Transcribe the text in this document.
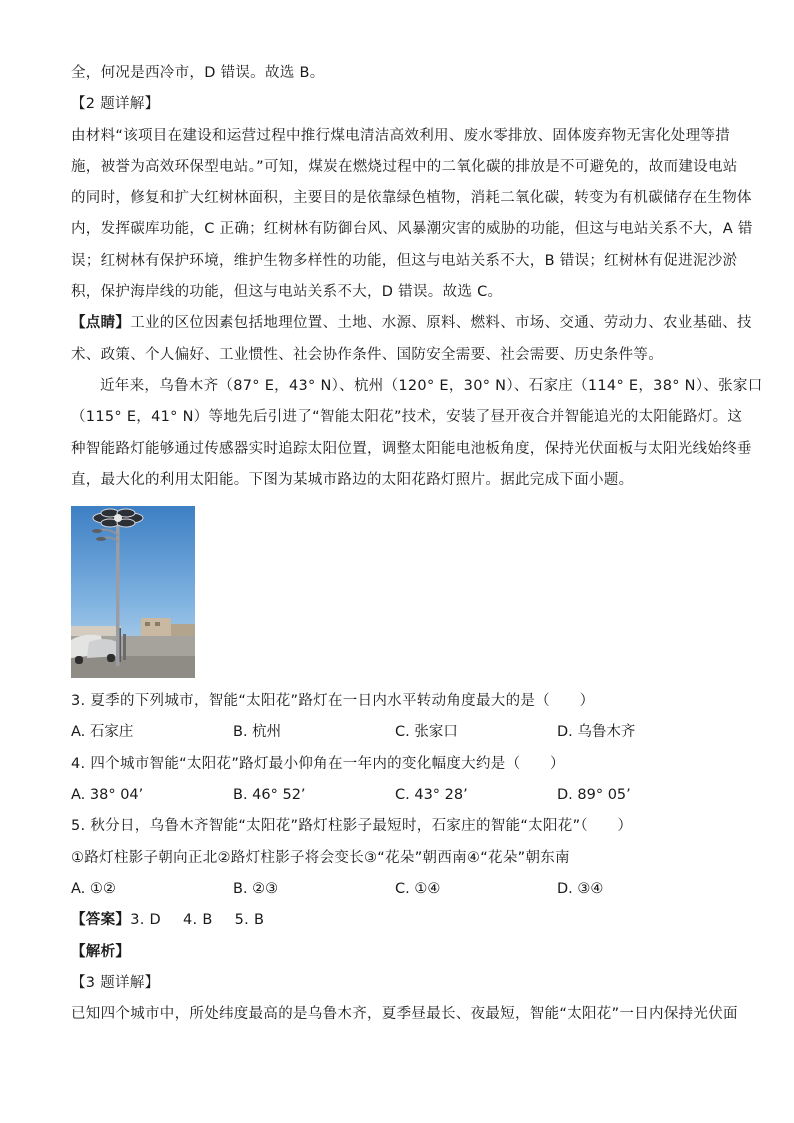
全，何况是西冷市，D 错误。故选 B。
【2 题详解】
由材料“该项目在建设和运营过程中推行煤电清洁高效利用、废水零排放、固体废弃物无害化处理等措
施，被誉为高效环保型电站。”可知，煤炭在燃烧过程中的二氧化碳的排放是不可避免的，故而建设电站
的同时，修复和扩大红树林面积，主要目的是依靠绿色植物，消耗二氧化碳，转变为有机碳储存在生物体
内，发挥碳库功能，C 正确；红树林有防御台风、风暴潮灾害的威胁的功能，但这与电站关系不大，A 错
误；红树林有保护环境，维护生物多样性的功能，但这与电站关系不大，B 错误；红树林有促进泥沙淤
积，保护海岸线的功能，但这与电站关系不大，D 错误。故选 C。
【点睛】工业的区位因素包括地理位置、土地、水源、原料、燃料、市场、交通、劳动力、农业基础、技
术、政策、个人偏好、工业惯性、社会协作条件、国防安全需要、社会需要、历史条件等。
近年来，乌鲁木齐（87° E，43° N）、杭州（120° E，30° N）、石家庄（114° E，38° N）、张家口
（115° E，41° N）等地先后引进了“智能太阳花”技术，安装了昼开夜合并智能追光的太阳能路灯。这
种智能路灯能够通过传感器实时追踪太阳位置，调整太阳能电池板角度，保持光伏面板与太阳光线始终垂
直，最大化的利用太阳能。下图为某城市路边的太阳花路灯照片。据此完成下面小题。
3. 夏季的下列城市，智能“太阳花”路灯在一日内水平转动角度最大的是（　　）
A. 石家庄	B. 杭州	C. 张家口	D. 乌鲁木齐
4. 四个城市智能“太阳花”路灯最小仰角在一年内的变化幅度大约是（　　）
A. 38° 04’	B. 46° 52’	C. 43° 28’	D. 89° 05’
5. 秋分日，乌鲁木齐智能“太阳花”路灯柱影子最短时，石家庄的智能“太阳花”（　　）
①路灯柱影子朝向正北②路灯柱影子将会变长③“花朵”朝西南④“花朵”朝东南
A. ①②	B. ②③	C. ①④	D. ③④
【答案】3. D 4. B 5. B
【解析】
【3 题详解】
已知四个城市中，所处纬度最高的是乌鲁木齐，夏季昼最长、夜最短，智能“太阳花”一日内保持光伏面
